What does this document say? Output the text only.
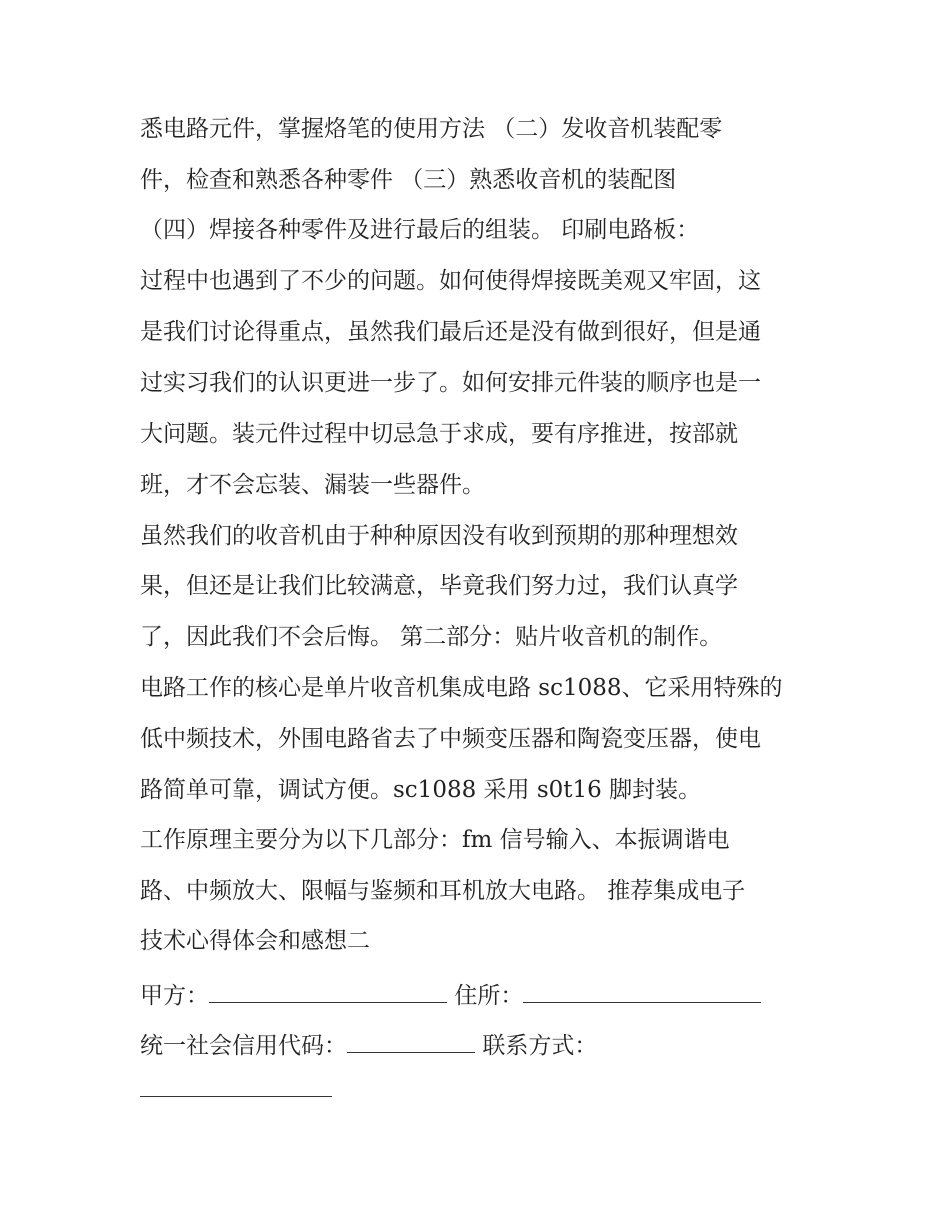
悉电路元件，掌握烙笔的使用方法 （二）发收音机装配零
件，检查和熟悉各种零件 （三）熟悉收音机的装配图
（四）焊接各种零件及进行最后的组装。 印刷电路板：
过程中也遇到了不少的问题。如何使得焊接既美观又牢固，这
是我们讨论得重点，虽然我们最后还是没有做到很好，但是通
过实习我们的认识更进一步了。如何安排元件装的顺序也是一
大问题。装元件过程中切忌急于求成，要有序推进，按部就
班，才不会忘装、漏装一些器件。
虽然我们的收音机由于种种原因没有收到预期的那种理想效
果，但还是让我们比较满意，毕竟我们努力过，我们认真学
了，因此我们不会后悔。 第二部分：贴片收音机的制作。
电路工作的核心是单片收音机集成电路 sc1088、它采用特殊的
低中频技术，外围电路省去了中频变压器和陶瓷变压器，使电
路简单可靠，调试方便。sc1088 采用 s0t16 脚封装。
工作原理主要分为以下几部分：fm 信号输入、本振调谐电
路、中频放大、限幅与鉴频和耳机放大电路。 推荐集成电子
技术心得体会和感想二
甲方：	住所：
统一社会信用代码：	联系方式：
